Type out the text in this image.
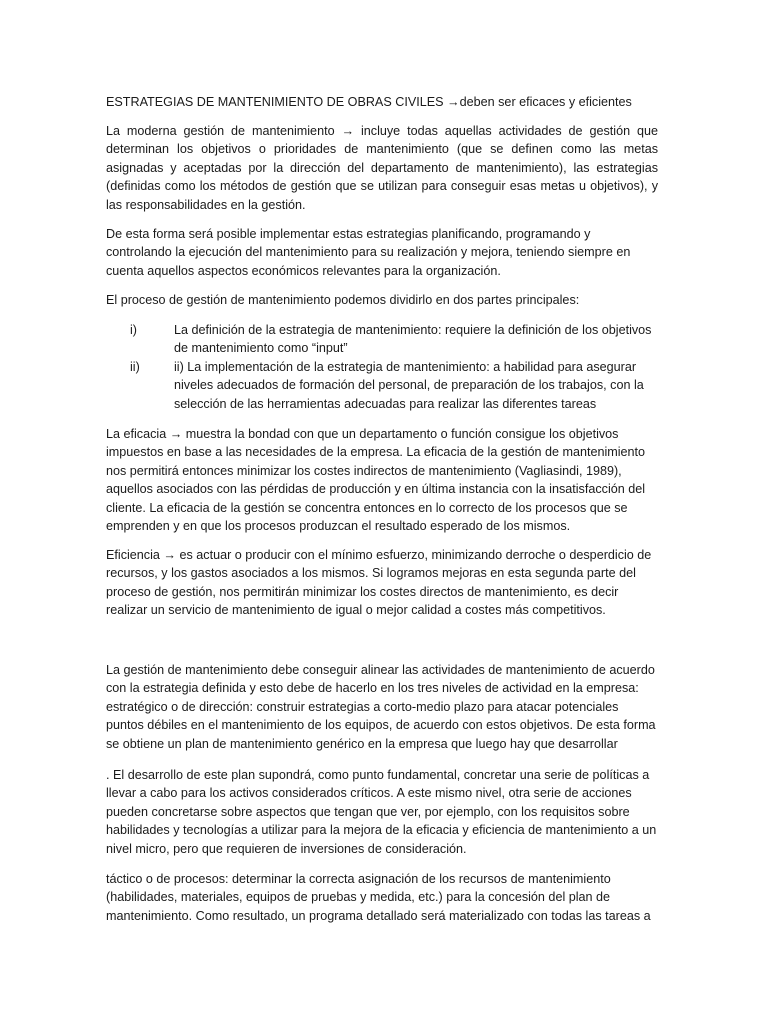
ESTRATEGIAS DE MANTENIMIENTO DE OBRAS CIVILES →deben ser eficaces y eficientes

La moderna gestión de mantenimiento → incluye todas aquellas actividades de gestión que determinan los objetivos o prioridades de mantenimiento (que se definen como las metas asignadas y aceptadas por la dirección del departamento de mantenimiento), las estrategias (definidas como los métodos de gestión que se utilizan para conseguir esas metas u objetivos), y las responsabilidades en la gestión.

De esta forma será posible implementar estas estrategias planificando, programando y controlando la ejecución del mantenimiento para su realización y mejora, teniendo siempre en cuenta aquellos aspectos económicos relevantes para la organización.

El proceso de gestión de mantenimiento podemos dividirlo en dos partes principales:

i)	La definición de la estrategia de mantenimiento: requiere la definición de los objetivos de mantenimiento como “input”
ii)	ii) La implementación de la estrategia de mantenimiento: a habilidad para asegurar niveles adecuados de formación del personal, de preparación de los trabajos, con la selección de las herramientas adecuadas para realizar las diferentes tareas

La eficacia → muestra la bondad con que un departamento o función consigue los objetivos impuestos en base a las necesidades de la empresa. La eficacia de la gestión de mantenimiento nos permitirá entonces minimizar los costes indirectos de mantenimiento (Vagliasindi, 1989), aquellos asociados con las pérdidas de producción y en última instancia con la insatisfacción del cliente. La eficacia de la gestión se concentra entonces en lo correcto de los procesos que se emprenden y en que los procesos produzcan el resultado esperado de los mismos.

Eficiencia → es actuar o producir con el mínimo esfuerzo, minimizando derroche o desperdicio de recursos, y los gastos asociados a los mismos. Si logramos mejoras en esta segunda parte del proceso de gestión, nos permitirán minimizar los costes directos de mantenimiento, es decir realizar un servicio de mantenimiento de igual o mejor calidad a costes más competitivos.

La gestión de mantenimiento debe conseguir alinear las actividades de mantenimiento de acuerdo con la estrategia definida y esto debe de hacerlo en los tres niveles de actividad en la empresa: estratégico o de dirección: construir estrategias a corto-medio plazo para atacar potenciales puntos débiles en el mantenimiento de los equipos, de acuerdo con estos objetivos. De esta forma se obtiene un plan de mantenimiento genérico en la empresa que luego hay que desarrollar

. El desarrollo de este plan supondrá, como punto fundamental, concretar una serie de políticas a llevar a cabo para los activos considerados críticos. A este mismo nivel, otra serie de acciones pueden concretarse sobre aspectos que tengan que ver, por ejemplo, con los requisitos sobre habilidades y tecnologías a utilizar para la mejora de la eficacia y eficiencia de mantenimiento a un nivel micro, pero que requieren de inversiones de consideración.

táctico o de procesos: determinar la correcta asignación de los recursos de mantenimiento (habilidades, materiales, equipos de pruebas y medida, etc.) para la concesión del plan de mantenimiento. Como resultado, un programa detallado será materializado con todas las tareas a
